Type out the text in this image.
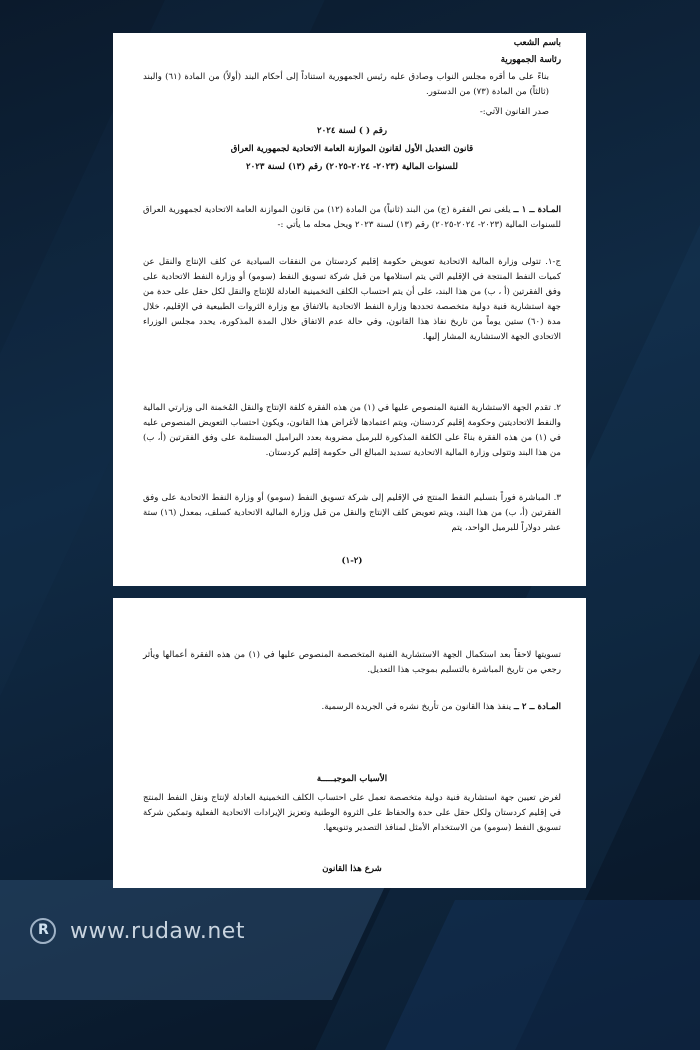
باسم الشعب
رئاسة الجمهورية
بناءً على ما أقره مجلس النواب وصادق عليه رئيس الجمهورية استناداً إلى أحكام البند (أولاً) من المادة (٦١) والبند (ثالثاً) من المادة (٧٣) من الدستور.
صدر القانون الآتي:-
رقم ( ) لسنة ٢٠٢٤
قانون التعديل الأول لقانون الموازنة العامة الاتحادية لجمهورية العراق
للسنوات المالية (٢٠٢٣- ٢٠٢٤-٢٠٢٥) رقم (١٣) لسنة ٢٠٢٣
المـادة ــ ١ ــ يلغى نص الفقرة (ج) من البند (ثانياً) من المادة (١٢) من قانون الموازنة العامة الاتحادية لجمهورية العراق للسنوات المالية (٢٠٢٣- ٢٠٢٤-٢٠٢٥) رقم (١٣) لسنة ٢٠٢٣ ويحل محله ما يأتي :-
ج-١. تتولى وزارة المالية الاتحادية تعويض حكومة إقليم كردستان من النفقات السيادية عن كلف الإنتاج والنقل عن كميات النفط المنتجة في الإقليم التي يتم استلامها من قبل شركة تسويق النفط (سومو) أو وزارة النفط الاتحادية على وفق الفقرتين (أ ، ب) من هذا البند، على أن يتم احتساب الكلف التخمينية العادلة للإنتاج والنقل لكل حقل على حدة من جهة استشارية فنية دولية متخصصة تحددها وزارة النفط الاتحادية بالاتفاق مع وزارة الثروات الطبيعية في الإقليم، خلال مدة (٦٠) ستين يوماً من تاريخ نفاذ هذا القانون، وفي حالة عدم الاتفاق خلال المدة المذكورة، يحدد مجلس الوزراء الاتحادي الجهة الاستشارية المشار إليها.
٢. تقدم الجهة الاستشارية الفنية المنصوص عليها في (١) من هذه الفقرة كلفة الإنتاج والنقل المُخمنة الى وزارتي المالية والنفط الاتحاديتين وحكومة إقليم كردستان، ويتم اعتمادها لأغراض هذا القانون، ويكون احتساب التعويض المنصوص عليه في (١) من هذه الفقرة بناءً على الكلفة المذكورة للبرميل مضروبة بعدد البراميل المستلمة على وفق الفقرتين (أ، ب) من هذا البند وتتولى وزارة المالية الاتحادية تسديد المبالغ الى حكومة إقليم كردستان.
٣. المباشرة فوراً بتسليم النفط المنتج في الإقليم إلى شركة تسويق النفط (سومو) أو وزارة النفط الاتحادية على وفق الفقرتين (أ، ب) من هذا البند، ويتم تعويض كلف الإنتاج والنقل من قبل وزارة المالية الاتحادية كسلف، بمعدل (١٦) ستة عشر دولاراً للبرميل الواحد، يتم
(٢-١)
تسويتها لاحقاً بعد استكمال الجهة الاستشارية الفنية المتخصصة المنصوص عليها في (١) من هذه الفقرة أعمالها ويأثر رجعي من تاريخ المباشرة بالتسليم بموجب هذا التعديل.
المـادة ــ ٢ ــ ينفذ هذا القانون من تأريخ نشره في الجريدة الرسمية.
الأسباب الموجبـــــة
لغرض تعيين جهة استشارية فنية دولية متخصصة تعمل على احتساب الكلف التخمينية العادلة لإنتاج ونقل النفط المنتج في إقليم كردستان ولكل حقل على حدة والحفاظ على الثروة الوطنية وتعزيز الإيرادات الاتحادية الفعلية وتمكين شركة تسويق النفط (سومو) من الاستخدام الأمثل لمنافذ التصدير وتنويعها.
شرع هذا القانون
R
www.rudaw.net
